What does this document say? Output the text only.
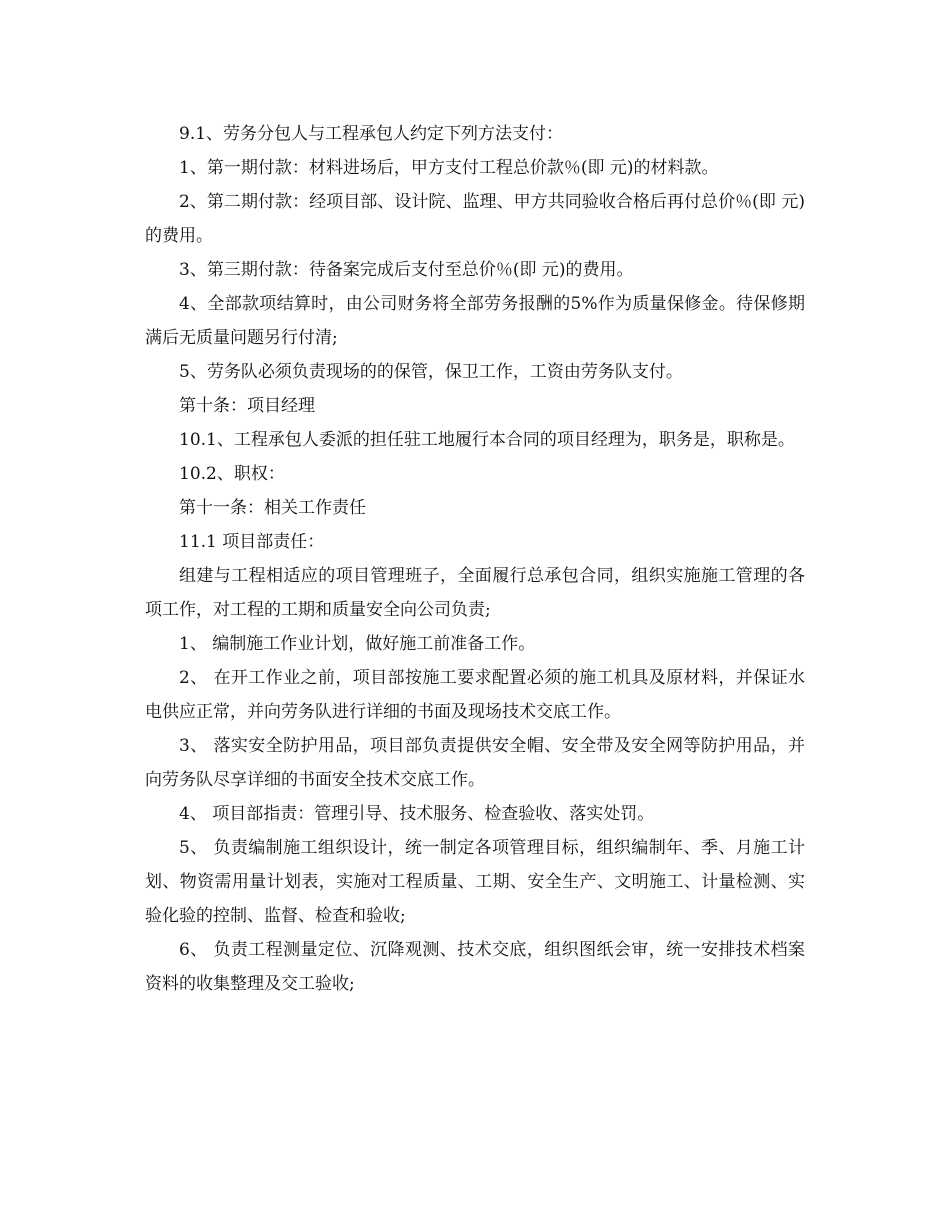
9.1、劳务分包人与工程承包人约定下列方法支付：

1、第一期付款：材料进场后，甲方支付工程总价款％(即 元)的材料款。

2、第二期付款：经项目部、设计院、监理、甲方共同验收合格后再付总价％(即 元)的费用。

3、第三期付款：待备案完成后支付至总价％(即 元)的费用。

4、全部款项结算时，由公司财务将全部劳务报酬的5%作为质量保修金。待保修期满后无质量问题另行付清;

5、劳务队必须负责现场的的保管，保卫工作，工资由劳务队支付。

第十条：项目经理

10.1、工程承包人委派的担任驻工地履行本合同的项目经理为，职务是，职称是。

10.2、职权：

第十一条：相关工作责任

11.1 项目部责任：

组建与工程相适应的项目管理班子，全面履行总承包合同，组织实施施工管理的各项工作，对工程的工期和质量安全向公司负责;

1、 编制施工作业计划，做好施工前准备工作。

2、 在开工作业之前，项目部按施工要求配置必须的施工机具及原材料，并保证水电供应正常，并向劳务队进行详细的书面及现场技术交底工作。

3、 落实安全防护用品，项目部负责提供安全帽、安全带及安全网等防护用品，并向劳务队尽享详细的书面安全技术交底工作。

4、 项目部指责：管理引导、技术服务、检查验收、落实处罚。

5、 负责编制施工组织设计，统一制定各项管理目标，组织编制年、季、月施工计划、物资需用量计划表，实施对工程质量、工期、安全生产、文明施工、计量检测、实验化验的控制、监督、检查和验收;

6、 负责工程测量定位、沉降观测、技术交底，组织图纸会审，统一安排技术档案资料的收集整理及交工验收;
